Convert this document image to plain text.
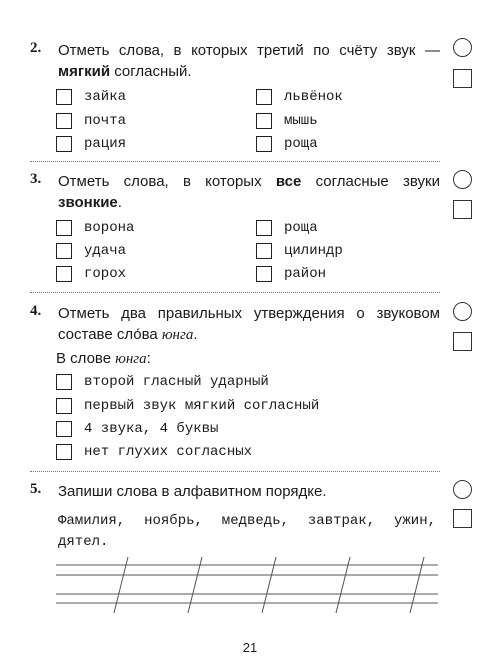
2. Отметь слова, в которых третий по счёту звук — мягкий согласный.
зайка
почта
рация
львёнок
мышь
роща
3. Отметь слова, в которых все согласные звуки звонкие.
ворона
удача
горох
роща
цилиндр
район
4. Отметь два правильных утверждения о звуковом составе сло́ва юнга.
В слове юнга:
второй гласный ударный
первый звук мягкий согласный
4 звука, 4 буквы
нет глухих согласных
5. Запиши слова в алфавитном порядке.
Фамилия, ноябрь, медведь, завтрак, ужин, дятел.
21
